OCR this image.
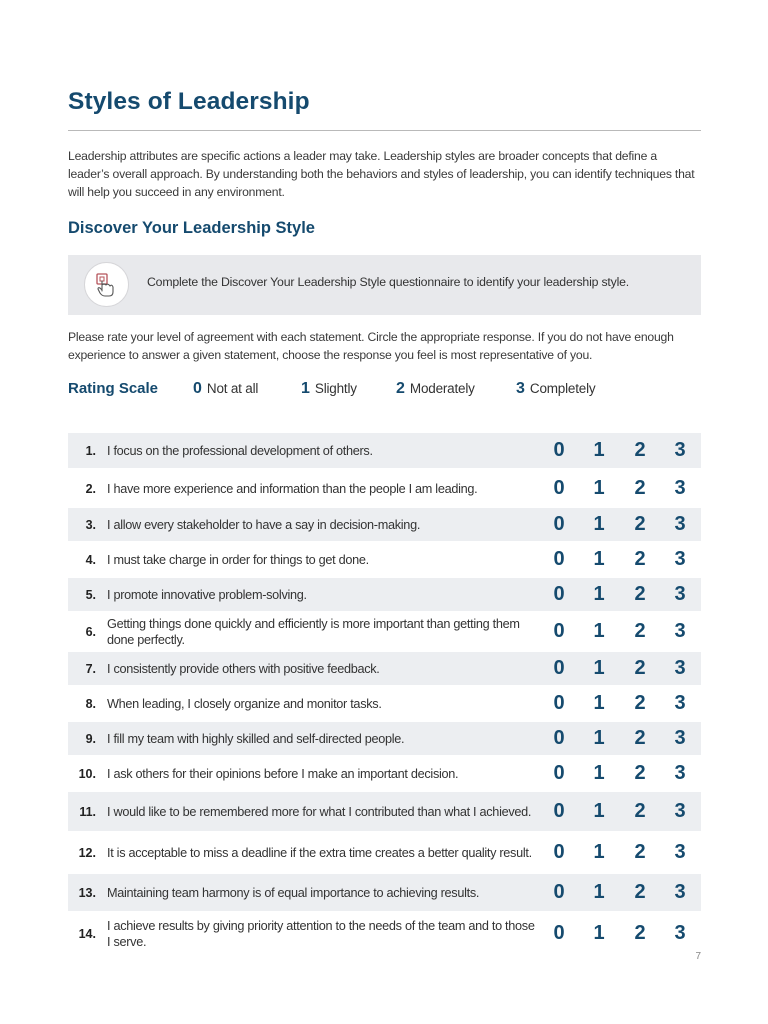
Styles of Leadership
Leadership attributes are specific actions a leader may take. Leadership styles are broader concepts that define a leader’s overall approach. By understanding both the behaviors and styles of leadership, you can identify techniques that will help you succeed in any environment.
Discover Your Leadership Style
Complete the Discover Your Leadership Style questionnaire to identify your leadership style.
Please rate your level of agreement with each statement. Circle the appropriate response. If you do not have enough experience to answer a given statement, choose the response you feel is most representative of you.
Rating Scale 0 Not at all	1 Slightly 2 Moderately	3 Completely
1. I focus on the professional development of others.	0	1	2	3
2. I have more experience and information than the people I am leading.	0	1	2	3
3. I allow every stakeholder to have a say in decision-making.	0	1	2	3
4. I must take charge in order for things to get done.	0	1	2	3
5. I promote innovative problem-solving.	0	1	2	3
6.
Getting things done quickly and efficiently is more important than getting them done perfectly.	0	1	2	3
7. I consistently provide others with positive feedback.	0	1	2	3
8. When leading, I closely organize and monitor tasks.	0	1	2	3
9. I fill my team with highly skilled and self-directed people.	0	1	2	3
10. I ask others for their opinions before I make an important decision.	0	1	2	3
11. I would like to be remembered more for what I contributed than what I achieved.	0	1	2	3
12. It is acceptable to miss a deadline if the extra time creates a better quality result.	0	1	2	3
13. Maintaining team harmony is of equal importance to achieving results.	0	1	2	3
14.
I achieve results by giving priority attention to the needs of the team and to those I serve.	0	1	2	3
7
